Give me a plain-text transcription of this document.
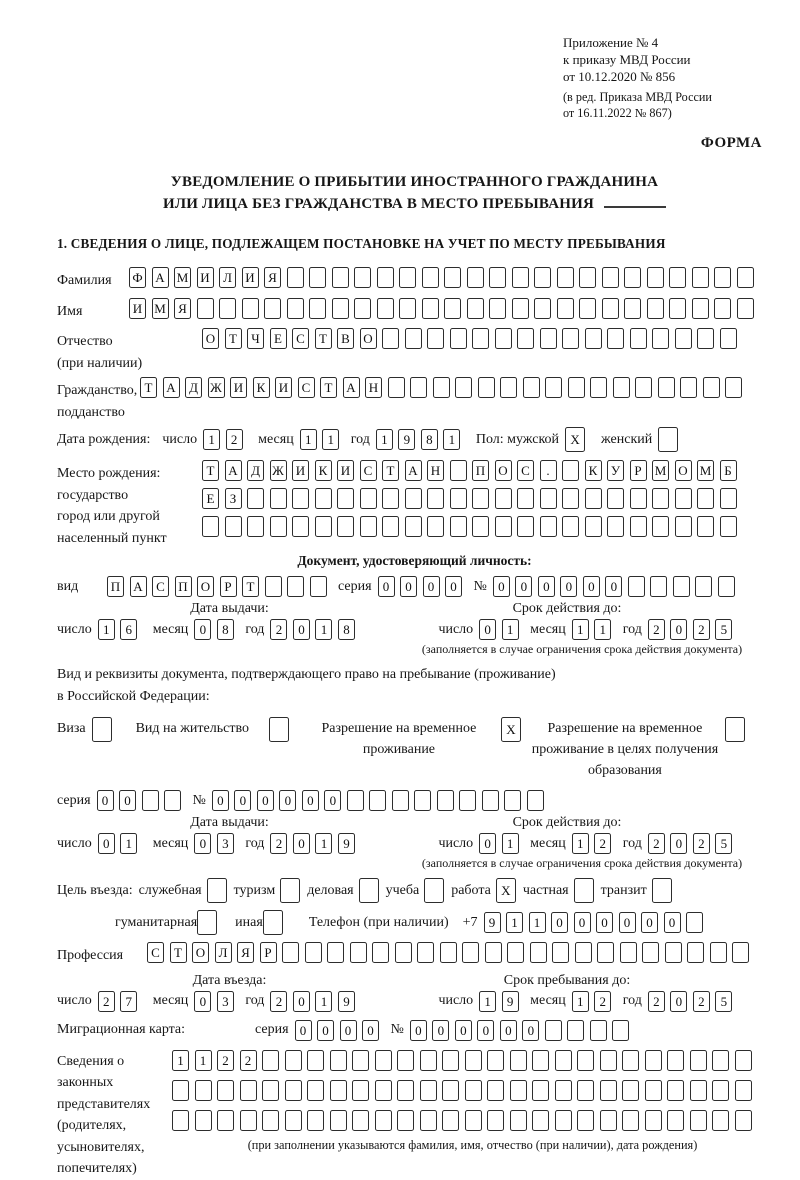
Приложение № 4
к приказу МВД России
от 10.12.2020 № 856
(в ред. Приказа МВД России
от 16.11.2022 № 867)
ФОРМА
УВЕДОМЛЕНИЕ О ПРИБЫТИИ ИНОСТРАННОГО ГРАЖДАНИНА
ИЛИ ЛИЦА БЕЗ ГРАЖДАНСТВА В МЕСТО ПРЕБЫВАНИЯ
1. СВЕДЕНИЯ О ЛИЦЕ, ПОДЛЕЖАЩЕМ ПОСТАНОВКЕ НА УЧЕТ ПО МЕСТУ ПРЕБЫВАНИЯ
Фамилия	Ф А М И	Л	И	Я
Имя	И М Я
Отчество
(при наличии)
О	Т	Ч	Е	С	Т	В	О
Гражданство,
подданство
Т	А	Д Ж И	К	И	С	Т	А Н
Дата рождения: число 1	2	месяц 1	1	год 1	9	8	1	Пол: мужской X	женский
Место рождения:
государство
город или другой
населенный пункт
Т	А	Д Ж И	К	И	С	Т	А Н	П О	С	.	К	У	Р	М О М Б
Е	З
Документ, удостоверяющий личность:
вид	П А	С	П О	Р	Т	серия 0	0	0	0	№ 0	0	0	0	0	0
Дата выдачи:	Срок действия до:
число 1	6	месяц 0	8	год 2	0	1	8	число 0	1	месяц 1	1	год 2	0	2	5
(заполняется в случае ограничения срока действия документа)
Вид и реквизиты документа, подтверждающего право на пребывание (проживание)
в Российской Федерации:
Виза	Вид на жительство	Разрешение на временное проживание
X	Разрешение на временное проживание в целях получения образования
серия 0	0	№ 0	0	0	0	0	0
Дата выдачи:	Срок действия до:
число 0	1	месяц 0	3	год 2	0	1	9	число 0	1	месяц 1	2	год 2	0	2	5
(заполняется в случае ограничения срока действия документа)
Цель въезда: служебная туризм деловая учеба работа X частная транзит
гуманитарная	иная	Телефон (при наличии) +7 9	1	1	0	0	0	0	0	0
Профессия	С	Т	О	Л	Я	Р
Дата въезда:	Срок пребывания до:
число 2	7	месяц 0	3	год 2	0	1	9	число 1	9	месяц 1	2	год 2	0	2	5
Миграционная карта:	серия 0	0	0	0	№ 0	0	0	0	0	0
Сведения о
законных
представителях
(родителях,
усыновителях,
попечителях)
1	1	2	2
(при заполнении указываются фамилия, имя, отчество (при наличии), дата рождения)
